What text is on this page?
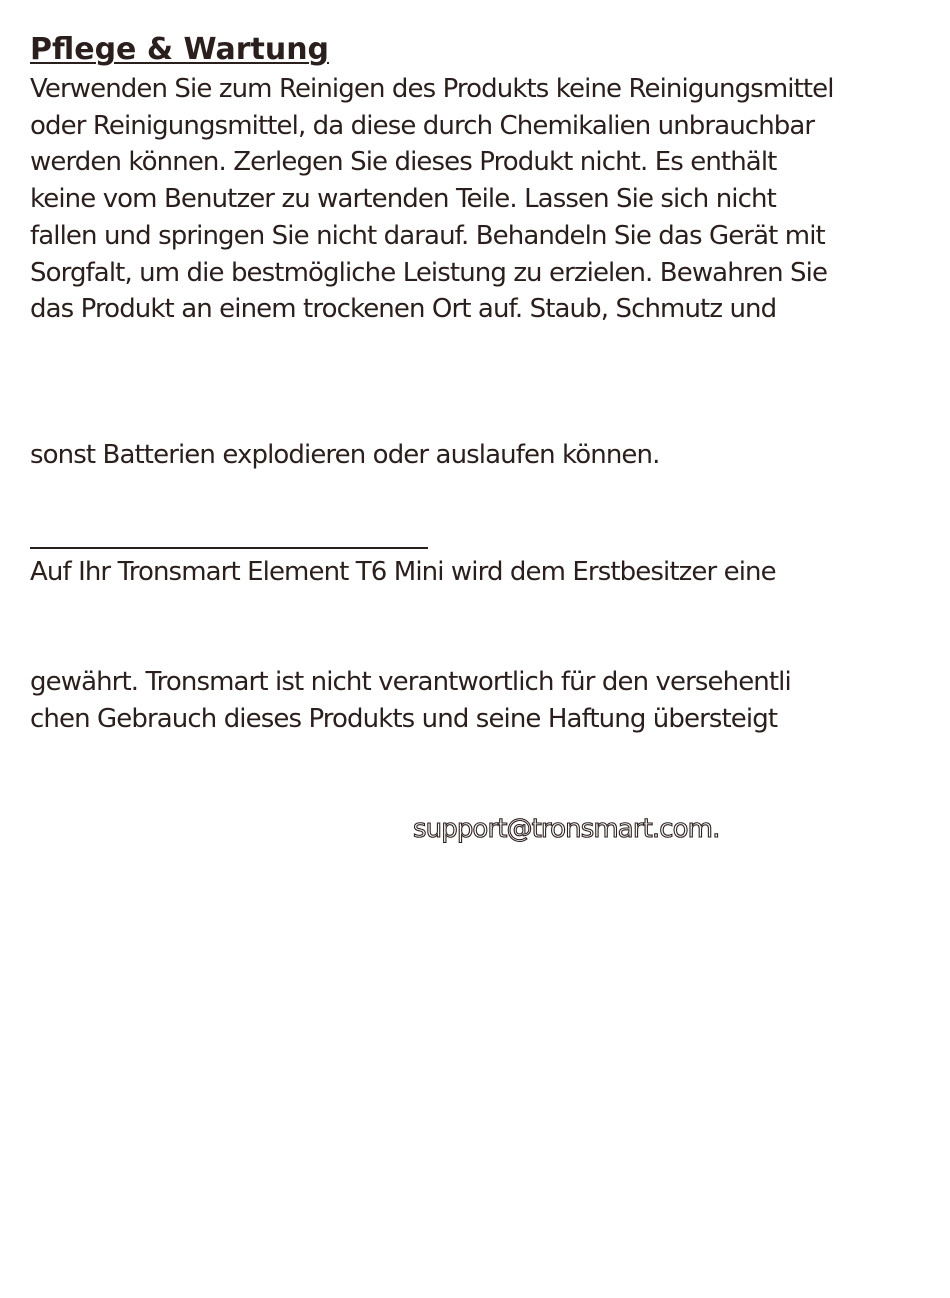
Pflege & Wartung

Verwenden Sie zum Reinigen des Produkts keine Reinigungsmittel
oder Reinigungsmittel, da diese durch Chemikalien unbrauchbar
werden können. Zerlegen Sie dieses Produkt nicht. Es enthält
keine vom Benutzer zu wartenden Teile. Lassen Sie sich nicht
fallen und springen Sie nicht darauf. Behandeln Sie das Gerät mit
Sorgfalt, um die bestmögliche Leistung zu erzielen. Bewahren Sie
das Produkt an einem trockenen Ort auf. Staub, Schmutz und

sonst Batterien explodieren oder auslaufen können.

Auf Ihr Tronsmart Element T6 Mini wird dem Erstbesitzer eine

gewährt. Tronsmart ist nicht verantwortlich für den versehentli
chen Gebrauch dieses Produkts und seine Haftung übersteigt

support@tronsmart.com.
